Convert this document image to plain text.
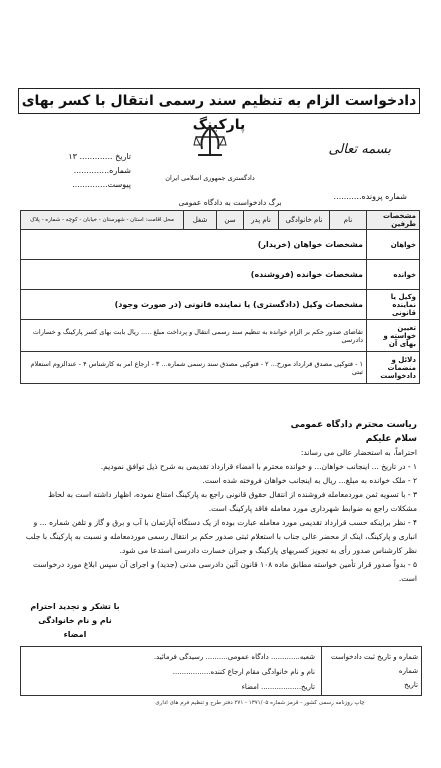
دادخواست الزام به تنظیم سند رسمی انتقال با کسر بهای پارکینگ
تاریخ ............. ۱۳
شماره..............
پیوست..............
بسمه تعالی
دادگستری جمهوری اسلامی ایران
شماره پرونده...........
برگ دادخواست به دادگاه عمومی
مشخصات طرفین	نام	نام خانوادگی	نام پدر	سن	شغل	محل اقامت: استان - شهرستان - خیابان - کوچه - شماره - پلاک
خواهان	مشخصات خواهان (خریدار)					
خوانده	مشخصات خوانده (فروشنده)					
وکیل یا نماینده قانونی	مشخصات وکیل (دادگستری) یا نماینده قانونی (در صورت وجود)					
تعیین خواسته و بهای آن	تقاضای صدور حکم بر الزام خوانده به تنظیم سند رسمی انتقال و پرداخت مبلغ ..... ریال بابت بهای کسر پارکینگ و خسارات دادرسی					
دلائل و منضمات دادخواست	۱ - فتوکپی مصدق قرارداد مورخ... ۲ - فتوکپی مصدق سند رسمی شماره... ۳ - ارجاع امر به کارشناس ۴ - عندالزوم استعلام ثبتی					
ریاست محترم دادگاه عمومی
سلام علیکم
احتراماً، به استحضار عالی می رساند:
۱ - در تاریخ ... اینجانب خواهان... و خوانده محترم با امضاء قرارداد تقدیمی به شرح ذیل توافق نمودیم.
۲ - ملک خوانده به مبلغ... ریال به اینجانب خواهان فروخته شده است.
۳ - با تسویه ثمن موردمعامله فروشنده از انتقال حقوق قانونی راجع به پارکینگ امتناع نموده، اظهار داشته است به لحاظ مشکلات راجع به ضوابط شهرداری مورد معامله فاقد پارکینگ است.
۴ - نظر براینکه حسب قرارداد تقدیمی مورد معامله عبارت بوده از یک دستگاه آپارتمان با آب و برق و گاز و تلفن شماره ... و انباری و پارکینگ، اینک از محضر عالی جناب با استعلام ثبتی صدور حکم بر انتقال رسمی موردمعامله و نسبت به پارکینگ با جلب نظر کارشناس صدور رأی به تجویز کسربهای پارکینگ و جبران خسارت دادرسی استدعا می شود.
۵ - بدواً صدور قرار تأمین خواسته مطابق ماده ۱۰۸ قانون آئین دادرسی مدنی (جدید) و اجرای آن سپس ابلاغ مورد درخواست است.
با تشکر و تجدید احترام
نام و نام خانوادگی
امضاء
شماره و تاریخ ثبت دادخواست
شماره
تاریخ
شعبه............. دادگاه عمومی.......... رسیدگی فرمائید.
نام و نام خانوادگی مقام ارجاع کننده.................
تاریخ.................. امضاء
چاپ روزنامه رسمی کشور - قرمز شماره ۱۳۷۱/۰۵ - ۲۷۱ دفتر طرح و تنظیم فرم های اداری
